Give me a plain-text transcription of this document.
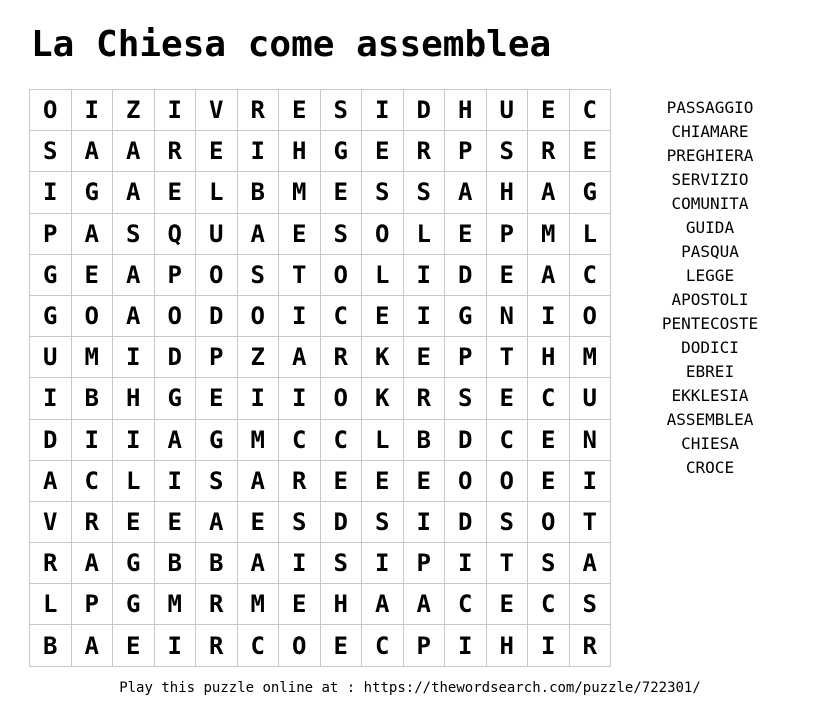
La Chiesa come assemblea
O	I	Z	I	V	R	E	S	I	D	H	U	E	C
S	A	A	R	E	I	H	G	E	R	P	S	R	E
I	G	A	E	L	B	M	E	S	S	A	H	A	G
P	A	S	Q	U	A	E	S	O	L	E	P	M	L
G	E	A	P	O	S	T	O	L	I	D	E	A	C
G	O	A	O	D	O	I	C	E	I	G	N	I	O
U	M	I	D	P	Z	A	R	K	E	P	T	H	M
I	B	H	G	E	I	I	O	K	R	S	E	C	U
D	I	I	A	G	M	C	C	L	B	D	C	E	N
A	C	L	I	S	A	R	E	E	E	O	O	E	I
V	R	E	E	A	E	S	D	S	I	D	S	O	T
R	A	G	B	B	A	I	S	I	P	I	T	S	A
L	P	G	M	R	M	E	H	A	A	C	E	C	S
B	A	E	I	R	C	O	E	C	P	I	H	I	R
PASSAGGIO
CHIAMARE
PREGHIERA
SERVIZIO
COMUNITA
GUIDA
PASQUA
LEGGE
APOSTOLI
PENTECOSTE
DODICI
EBREI
EKKLESIA
ASSEMBLEA
CHIESA
CROCE
Play this puzzle online at : https://thewordsearch.com/puzzle/722301/
